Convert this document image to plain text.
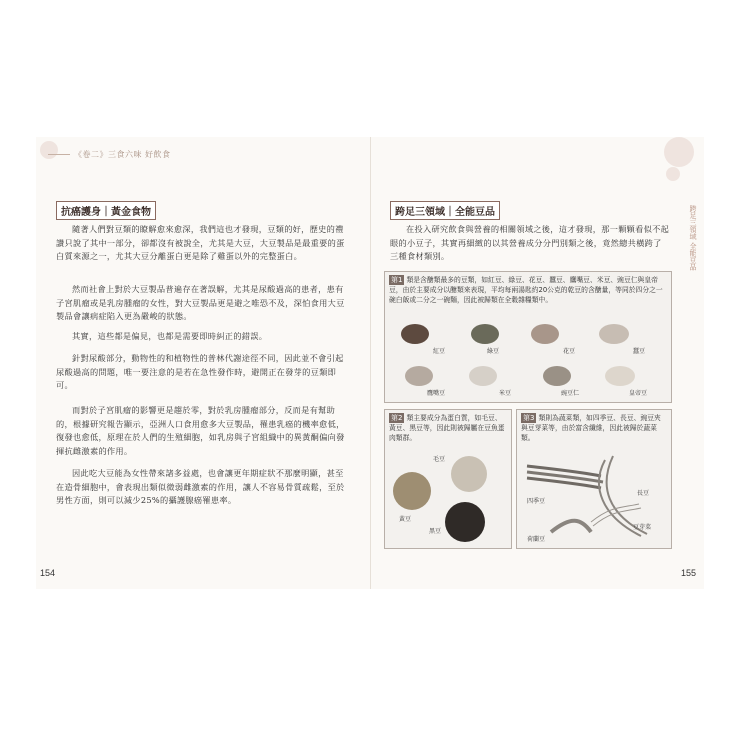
《卷二》三食六味 好飲食
抗癌護身｜黃金食物

隨著人們對豆類的瞭解愈來愈深，我們這也才發現，豆類的好，歷史的禮讚只說了其中一部分，卻都沒有被說全，尤其是大豆，大豆製品是最重要的蛋白質來源之一，尤其大豆分離蛋白更是除了雞蛋以外的完整蛋白。

然而社會上對於大豆製品普遍存在著誤解，尤其是尿酸過高的患者，患有子宮肌瘤或是乳房腫瘤的女性，對大豆製品更是避之唯恐不及，深怕食用大豆製品會讓病症陷入更為嚴峻的狀態。

其實，這些都是偏見，也都是需要即時糾正的錯誤。

針對尿酸部分，動物性的和植物性的普林代謝途徑不同，因此並不會引起尿酸過高的問題，唯一要注意的是若在急性發作時，避開正在發芽的豆類即可。

而對於子宮肌瘤的影響更是趨於零，對於乳房腫瘤部分，反而是有幫助的，根據研究報告顯示，亞洲人口食用愈多大豆製品，罹患乳癌的機率愈低，復發也愈低，原理在於人們的生殖細胞，如乳房與子宮組織中的異黃酮偏向發揮抗雌激素的作用。

因此吃大豆能為女性帶來諸多益處，也會讓更年期症狀不那麼明顯，甚至在造骨細胞中，會表現出類似微弱雌激素的作用，讓人不容易骨質疏鬆，至於男性方面，則可以減少25%的攝護腺癌罹患率。

154
跨足三領域 全能豆品
跨足三領域｜全能豆品

在投入研究飲食與營養的相關領域之後，這才發現，那一顆顆看似不起眼的小豆子，其實再細緻的以其營養成分分門別類之後，竟然總共橫跨了三種食材類別。

第1 類是含醣類最多的豆類，如紅豆、綠豆、花豆、蠶豆、鷹嘴豆、米豆、豌豆仁與皇帝豆，由於主要成分以醣類來表現，平均每兩湯匙約20公克的乾豆的含醣量，等同於四分之一碗白飯或二分之一碗麵，因此被歸類在全穀雜糧類中。
紅豆	綠豆	花豆	蠶豆
鷹嘴豆	米豆	豌豆仁	皇帝豆
第2 類主要成分為蛋白質，如毛豆、黃豆、黑豆等，因此則被歸屬在豆魚蛋肉類群。
毛豆
黃豆
黑豆
第3 類則為蔬菜類，如四季豆、長豆、豌豆夾與豆芽菜等，由於富含纖維，因此被歸於蔬菜類。
四季豆
長豆
豆芽菜
荷蘭豆
155
